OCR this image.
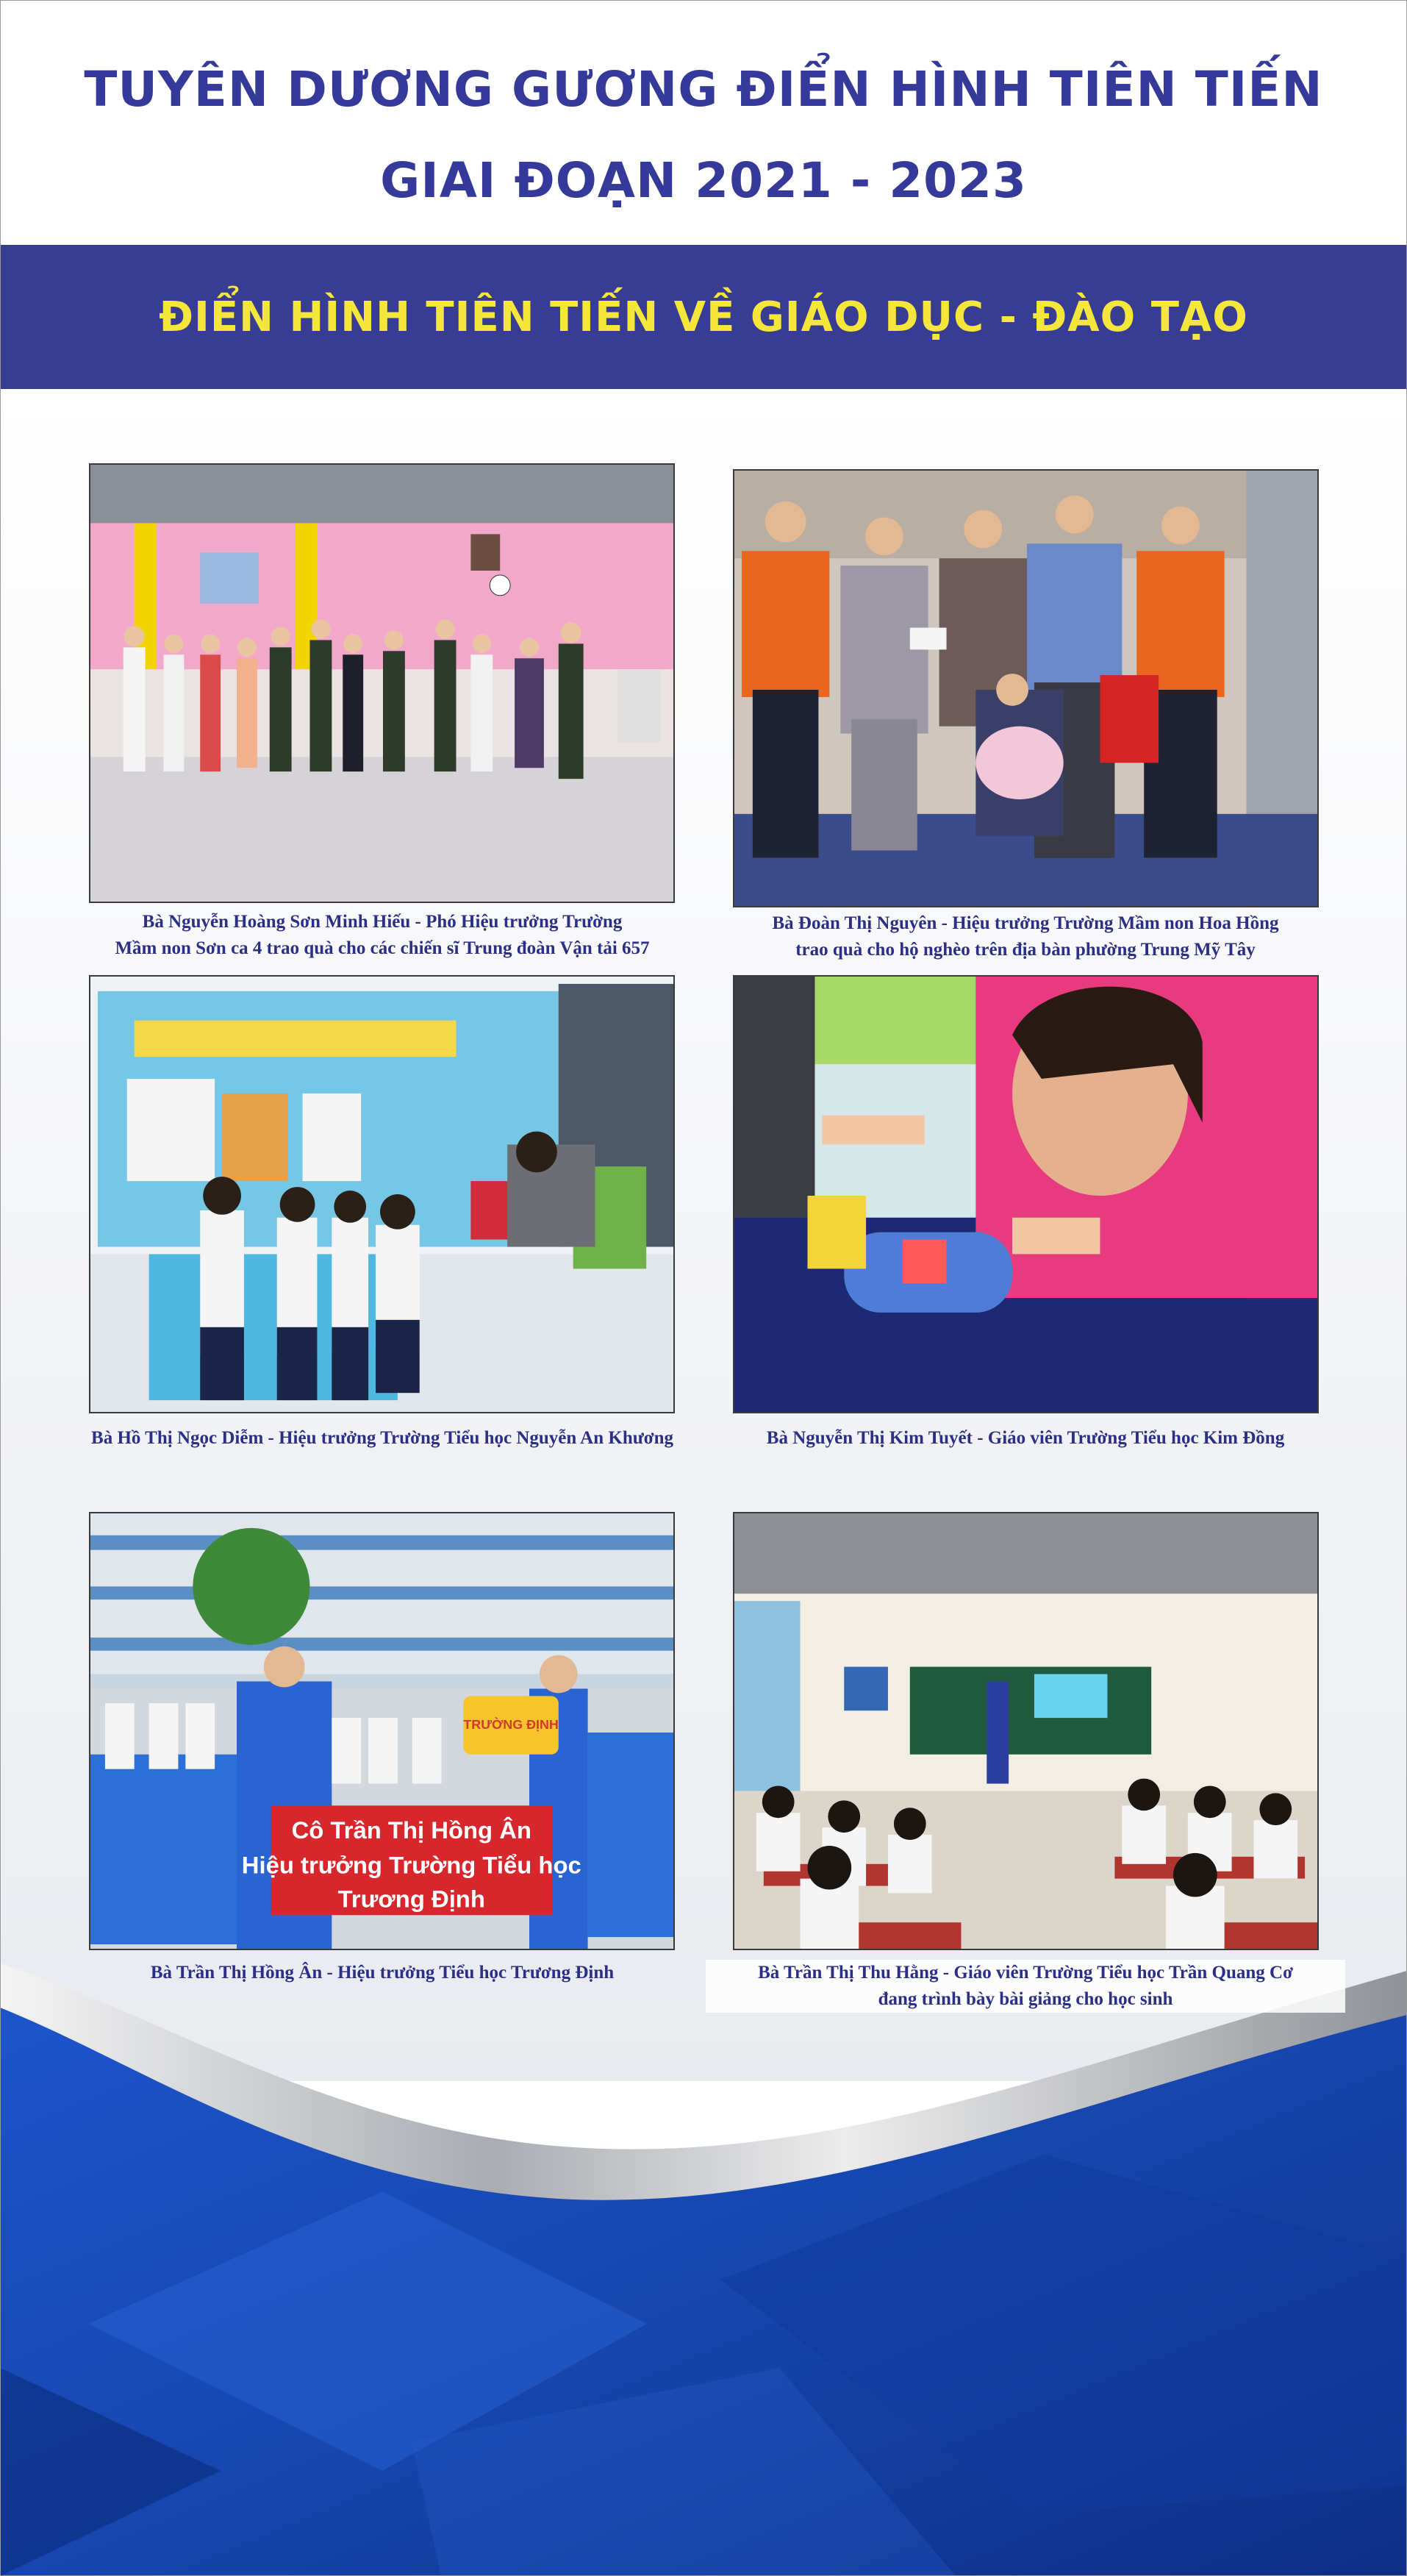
TUYÊN DƯƠNG GƯƠNG ĐIỂN HÌNH TIÊN TIẾN
GIAI ĐOẠN 2021 - 2023
ĐIỂN HÌNH TIÊN TIẾN VỀ GIÁO DỤC - ĐÀO TẠO
Bà Nguyễn Hoàng Sơn Minh Hiếu - Phó Hiệu trưởng Trường
Mầm non Sơn ca 4 trao quà cho các chiến sĩ Trung đoàn Vận tải 657
Bà Đoàn Thị Nguyên - Hiệu trưởng Trường Mầm non Hoa Hồng
trao quà cho hộ nghèo trên địa bàn phường Trung Mỹ Tây
Bà Hồ Thị Ngọc Diễm - Hiệu trưởng Trường Tiểu học Nguyễn An Khương	Bà Nguyễn Thị Kim Tuyết - Giáo viên Trường Tiểu học Kim Đồng
TRƯỜNG ĐỊNH
Cô Trần Thị Hồng Ân
Hiệu trưởng Trường Tiểu học
Trương Định
Bà Trần Thị Hồng Ân - Hiệu trưởng Tiểu học Trương Định	Bà Trần Thị Thu Hằng - Giáo viên Trường Tiểu học Trần Quang Cơ
đang trình bày bài giảng cho học sinh
